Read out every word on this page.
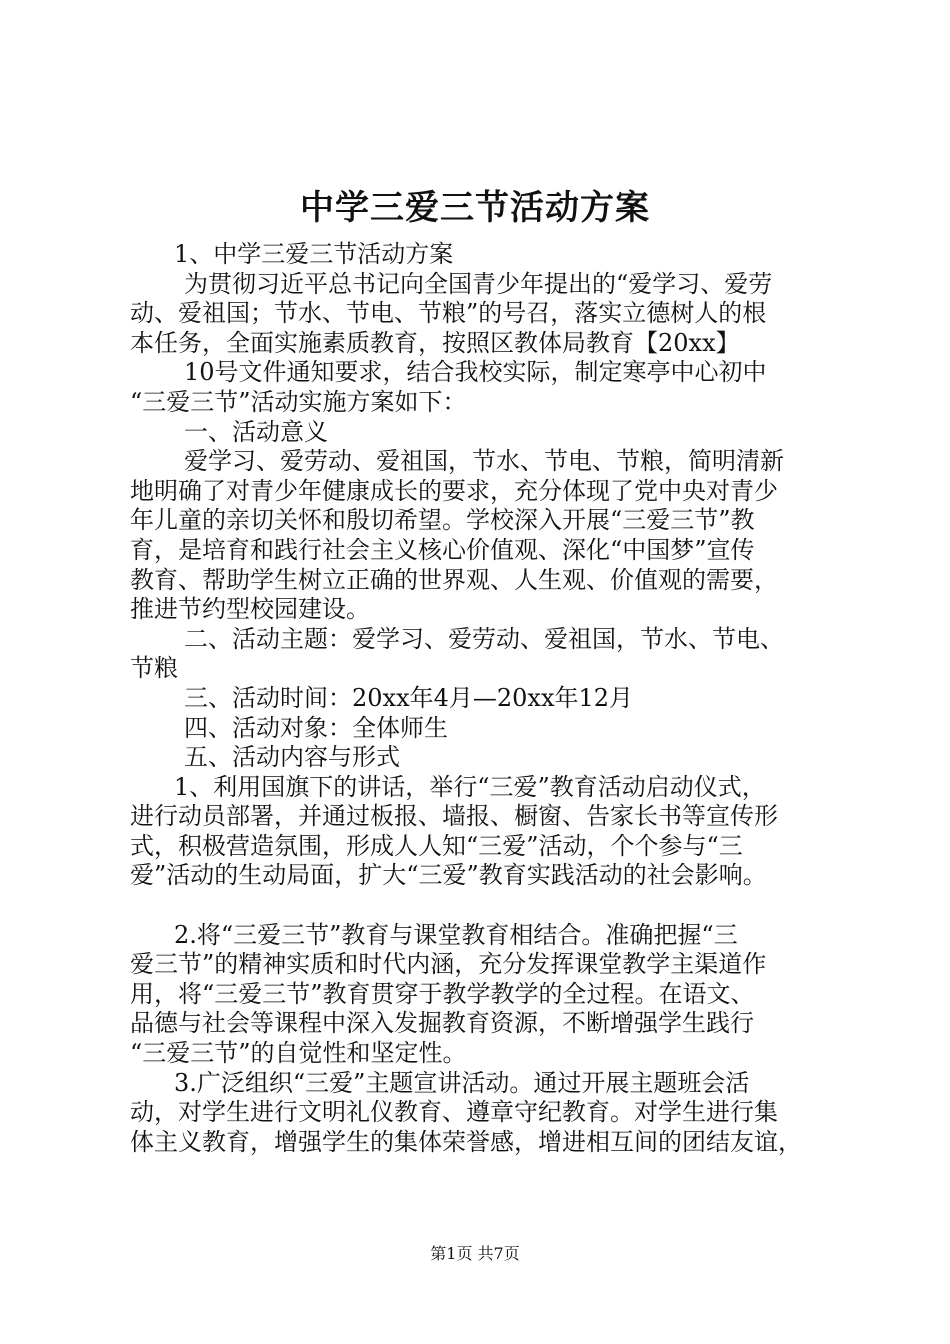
中学三爱三节活动方案
1、中学三爱三节活动方案
为贯彻习近平总书记向全国青少年提出的“爱学习、爱劳
动、爱祖国；节水、节电、节粮”的号召，落实立德树人的根
本任务，全面实施素质教育，按照区教体局教育【20xx】
10号文件通知要求，结合我校实际，制定寒亭中心初中
“三爱三节”活动实施方案如下：
一、活动意义
爱学习、爱劳动、爱祖国，节水、节电、节粮，简明清新
地明确了对青少年健康成长的要求，充分体现了党中央对青少
年儿童的亲切关怀和殷切希望。学校深入开展“三爱三节”教
育，是培育和践行社会主义核心价值观、深化“中国梦”宣传
教育、帮助学生树立正确的世界观、人生观、价值观的需要，
推进节约型校园建设。
二、活动主题：爱学习、爱劳动、爱祖国，节水、节电、
节粮
三、活动时间：20xx年4月—20xx年12月
四、活动对象：全体师生
五、活动内容与形式
1、利用国旗下的讲话，举行“三爱”教育活动启动仪式，
进行动员部署，并通过板报、墙报、橱窗、告家长书等宣传形
式，积极营造氛围，形成人人知“三爱”活动，个个参与“三
爱”活动的生动局面，扩大“三爱”教育实践活动的社会影响。
2.将“三爱三节”教育与课堂教育相结合。准确把握“三
爱三节”的精神实质和时代内涵，充分发挥课堂教学主渠道作
用，将“三爱三节”教育贯穿于教学教学的全过程。在语文、
品德与社会等课程中深入发掘教育资源，不断增强学生践行
“三爱三节”的自觉性和坚定性。
3.广泛组织“三爱”主题宣讲活动。通过开展主题班会活
动，对学生进行文明礼仪教育、遵章守纪教育。对学生进行集
体主义教育，增强学生的集体荣誉感，增进相互间的团结友谊，
第1页 共7页
